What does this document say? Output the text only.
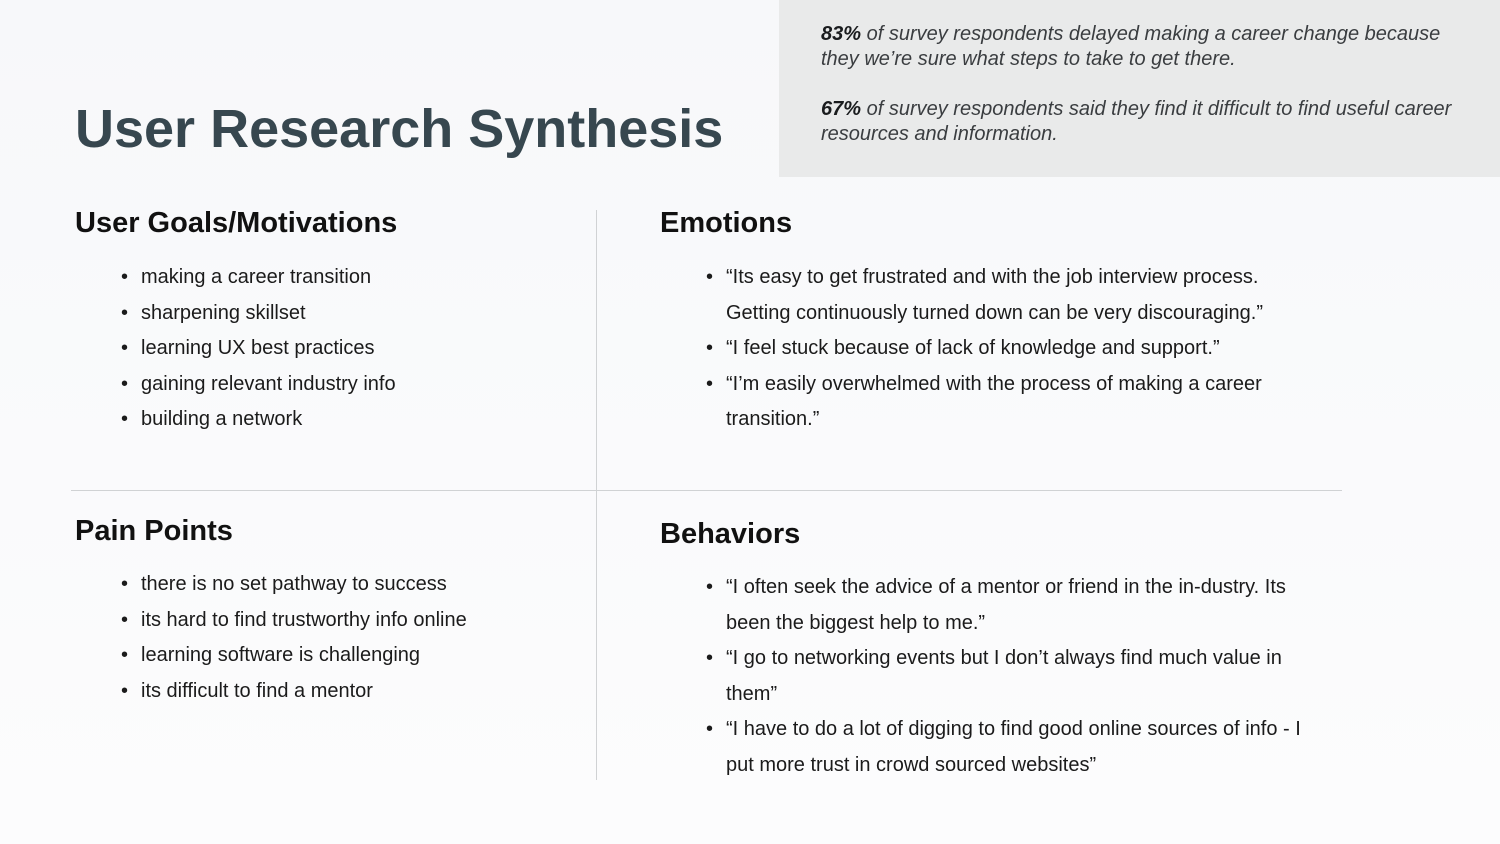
83% of survey respondents delayed making a career change because they we’re sure what steps to take to get there.

67% of survey respondents said they find it difficult to find useful career resources and information.

User Research Synthesis
User Goals/Motivations
• making a career transition
• sharpening skillset
• learning UX best practices
• gaining relevant industry info
• building a network
Emotions
• “Its easy to get frustrated and with the job interview process. Getting continuously turned down can be very discouraging.”
• “I feel stuck because of lack of knowledge and support.”
• “I’m easily overwhelmed with the process of making a career transition.”
Pain Points
• there is no set pathway to success
• its hard to find trustworthy info online
• learning software is challenging
• its difficult to find a mentor
Behaviors
• “I often seek the advice of a mentor or friend in the in-dustry. Its been the biggest help to me.”
• “I go to networking events but I don’t always find much value in them”
• “I have to do a lot of digging to find good online sources of info - I put more trust in crowd sourced websites”
